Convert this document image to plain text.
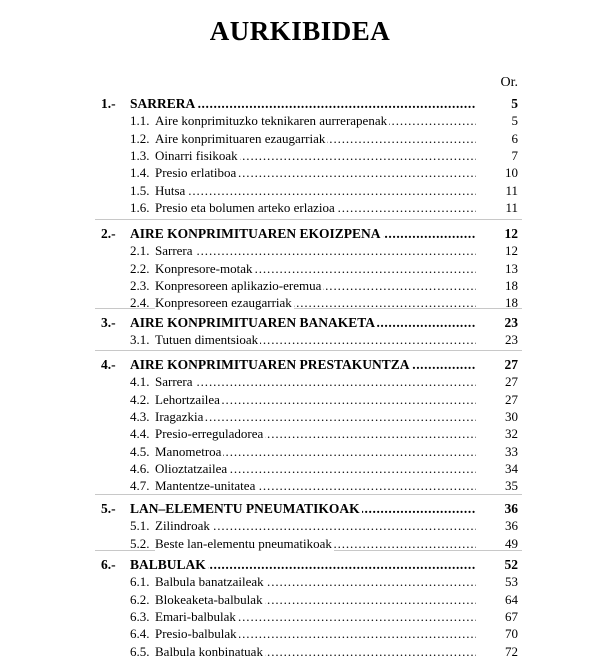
AURKIBIDEA
Or.
1.- SARRERA .....	5
1.1. Aire konprimituzko teknikaren aurrerapenak .....	5
1.2. Aire konprimituaren ezaugarriak .....	6
1.3. Oinarri fisikoak .....	7
1.4. Presio erlatiboa .....	10
1.5. Hutsa .....	11
1.6. Presio eta bolumen arteko erlazioa .....	11
2.- AIRE KONPRIMITUAREN EKOIZPENA .....	12
2.1. Sarrera .....	12
2.2. Konpresore-motak .....	13
2.3. Konpresoreen aplikazio-eremua .....	18
2.4. Konpresoreen ezaugarriak .....	18
3.- AIRE KONPRIMITUAREN BANAKETA .....	23
3.1. Tutuen dimentsioak .....	23
4.- AIRE KONPRIMITUAREN PRESTAKUNTZA .....	27
4.1. Sarrera .....	27
4.2. Lehortzailea .....	27
4.3. Iragazkia .....	30
4.4. Presio-erreguladorea .....	32
4.5. Manometroa .....	33
4.6. Olioztatzailea .....	34
4.7. Mantentze-unitatea .....	35
5.- LAN–ELEMENTU PNEUMATIKOAK .....	36
5.1. Zilindroak .....	36
5.2. Beste lan-elementu pneumatikoak .....	49
6.- BALBULAK .....	52
6.1. Balbula banatzaileak .....	53
6.2. Blokeaketa-balbulak .....	64
6.3. Emari-balbulak .....	67
6.4. Presio-balbulak .....	70
6.5. Balbula konbinatuak .....	72
